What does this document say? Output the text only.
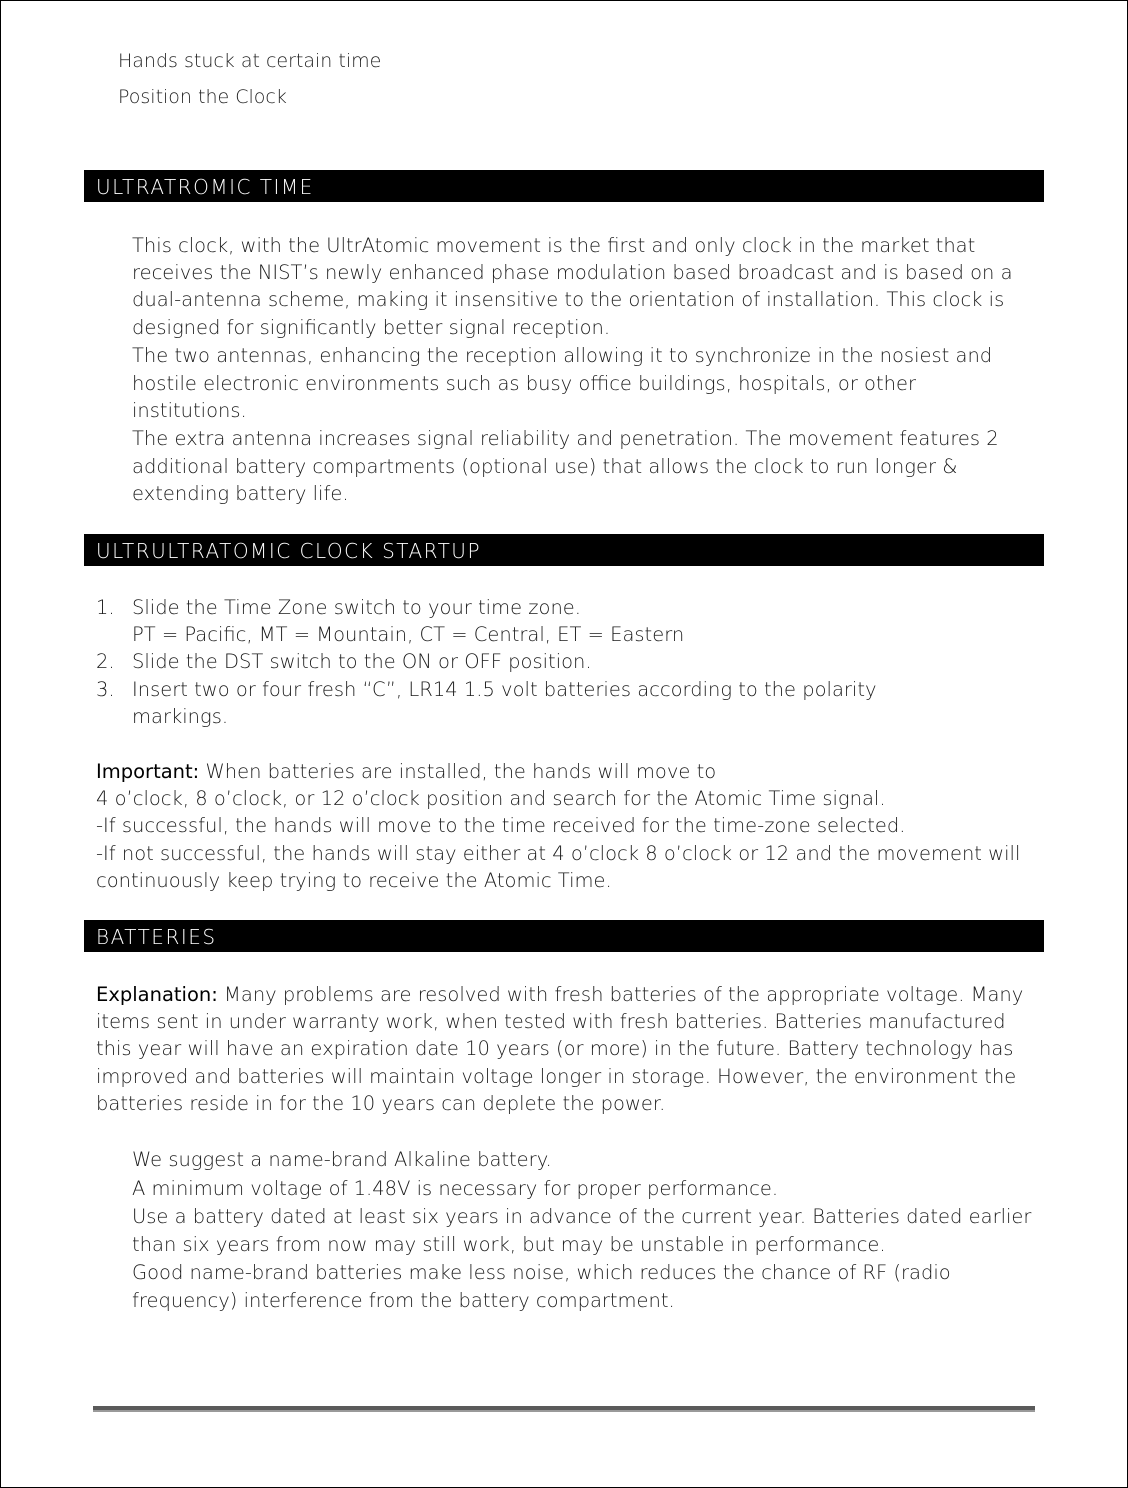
Hands stuck at certain time
Position the Clock
ULTRATROMIC TIME

This clock, with the UltrAtomic movement is the first and only clock in the market that receives the NIST’s newly enhanced phase modulation based broadcast and is based on a dual-antenna scheme, making it insensitive to the orientation of installation. This clock is designed for significantly better signal reception.

The two antennas, enhancing the reception allowing it to synchronize in the nosiest and hostile electronic environments such as busy office buildings, hospitals, or other institutions.

The extra antenna increases signal reliability and penetration. The movement features 2 additional battery compartments (optional use) that allows the clock to run longer & extending battery life.

ULTRULTRATOMIC CLOCK STARTUP
1. Slide the Time Zone switch to your time zone.
PT = Pacific, MT = Mountain, CT = Central, ET = Eastern
2. Slide the DST switch to the ON or OFF position.
3. Insert two or four fresh “C”, LR14 1.5 volt batteries according to the polarity
markings.

Important: When batteries are installed, the hands will move to

4 o’clock, 8 o’clock, or 12 o’clock position and search for the Atomic Time signal.

-If successful, the hands will move to the time received for the time-zone selected.

-If not successful, the hands will stay either at 4 o’clock 8 o’clock or 12 and the movement will continuously keep trying to receive the Atomic Time.

BATTERIES

Explanation: Many problems are resolved with fresh batteries of the appropriate voltage. Many items sent in under warranty work, when tested with fresh batteries. Batteries manufactured this year will have an expiration date 10 years (or more) in the future. Battery technology has improved and batteries will maintain voltage longer in storage. However, the environment the batteries reside in for the 10 years can deplete the power.

We suggest a name-brand Alkaline battery.

A minimum voltage of 1.48V is necessary for proper performance.

Use a battery dated at least six years in advance of the current year. Batteries dated earlier than six years from now may still work, but may be unstable in performance.

Good name-brand batteries make less noise, which reduces the chance of RF (radio frequency) interference from the battery compartment.
